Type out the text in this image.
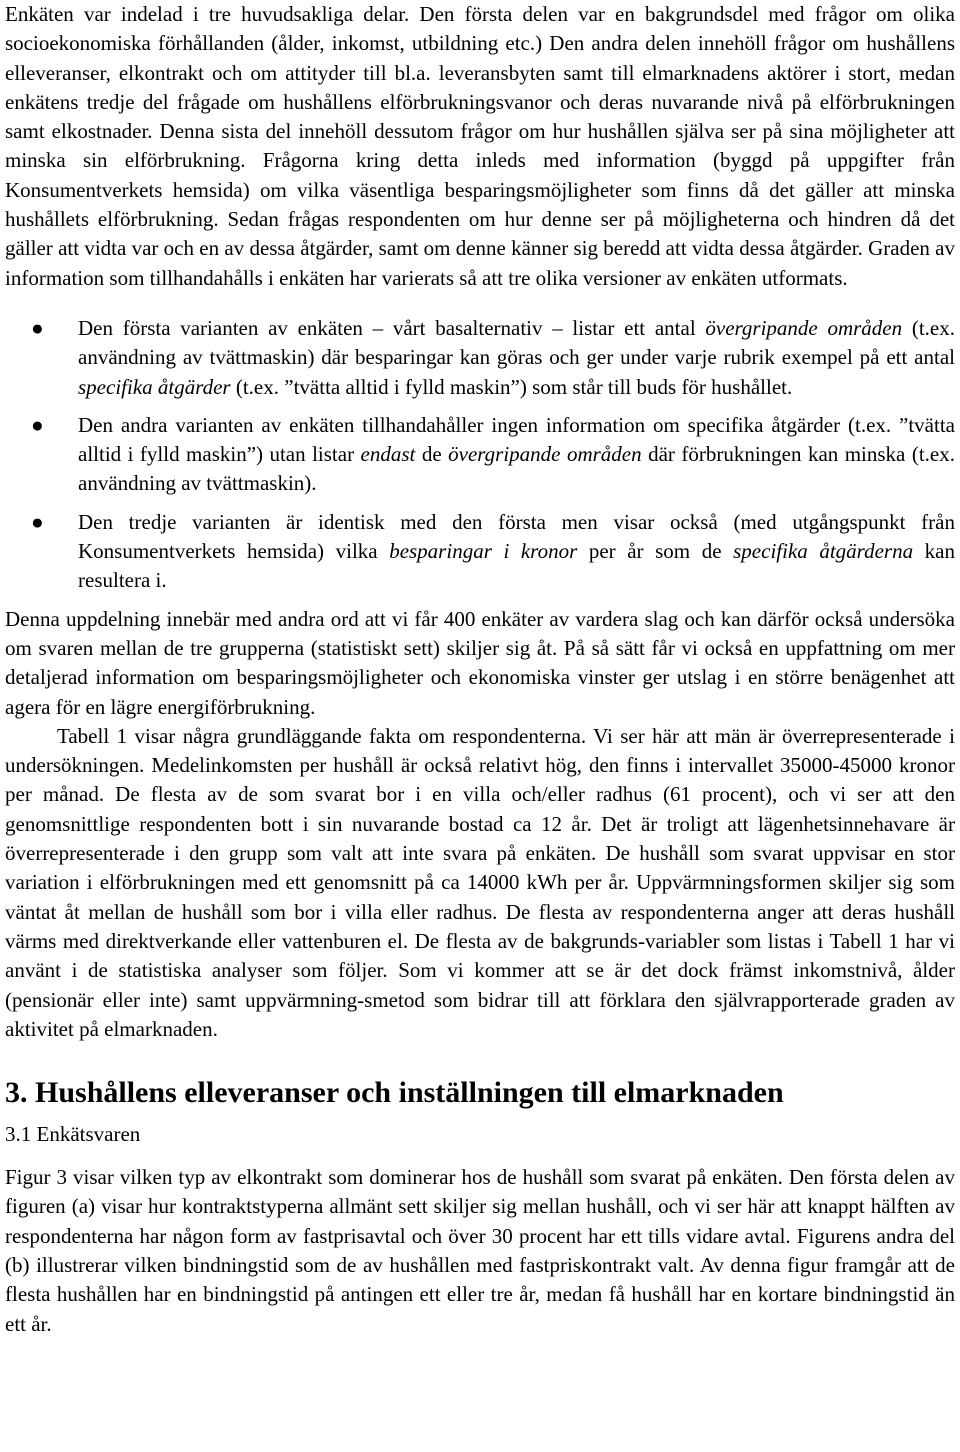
Enkäten var indelad i tre huvudsakliga delar. Den första delen var en bakgrundsdel med frågor om olika socioekonomiska förhållanden (ålder, inkomst, utbildning etc.) Den andra delen innehöll frågor om hushållens elleveranser, elkontrakt och om attityder till bl.a. leveransbyten samt till elmarknadens aktörer i stort, medan enkätens tredje del frågade om hushållens elförbrukningsvanor och deras nuvarande nivå på elförbrukningen samt elkostnader. Denna sista del innehöll dessutom frågor om hur hushållen själva ser på sina möjligheter att minska sin elförbrukning. Frågorna kring detta inleds med information (byggd på uppgifter från Konsumentverkets hemsida) om vilka väsentliga besparingsmöjligheter som finns då det gäller att minska hushållets elförbrukning. Sedan frågas respondenten om hur denne ser på möjligheterna och hindren då det gäller att vidta var och en av dessa åtgärder, samt om denne känner sig beredd att vidta dessa åtgärder. Graden av information som tillhandahålls i enkäten har varierats så att tre olika versioner av enkäten utformats.

● Den första varianten av enkäten – vårt basalternativ – listar ett antal övergripande områden (t.ex. användning av tvättmaskin) där besparingar kan göras och ger under varje rubrik exempel på ett antal specifika åtgärder (t.ex. ”tvätta alltid i fylld maskin”) som står till buds för hushållet.
● Den andra varianten av enkäten tillhandahåller ingen information om specifika åtgärder (t.ex. ”tvätta alltid i fylld maskin”) utan listar endast de övergripande områden där förbrukningen kan minska (t.ex. användning av tvättmaskin).
● Den tredje varianten är identisk med den första men visar också (med utgångspunkt från Konsumentverkets hemsida) vilka besparingar i kronor per år som de specifika åtgärderna kan resultera i.

Denna uppdelning innebär med andra ord att vi får 400 enkäter av vardera slag och kan därför också undersöka om svaren mellan de tre grupperna (statistiskt sett) skiljer sig åt. På så sätt får vi också en uppfattning om mer detaljerad information om besparingsmöjligheter och ekonomiska vinster ger utslag i en större benägenhet att agera för en lägre energiförbrukning.

Tabell 1 visar några grundläggande fakta om respondenterna. Vi ser här att män är överrepresenterade i undersökningen. Medelinkomsten per hushåll är också relativt hög, den finns i intervallet 35000-45000 kronor per månad. De flesta av de som svarat bor i en villa och/eller radhus (61 procent), och vi ser att den genomsnittlige respondenten bott i sin nuvarande bostad ca 12 år. Det är troligt att lägenhetsinnehavare är överrepresenterade i den grupp som valt att inte svara på enkäten. De hushåll som svarat uppvisar en stor variation i elförbrukningen med ett genomsnitt på ca 14000 kWh per år. Uppvärmningsformen skiljer sig som väntat åt mellan de hushåll som bor i villa eller radhus. De flesta av respondenterna anger att deras hushåll värms med direktverkande eller vattenburen el. De flesta av de bakgrunds-variabler som listas i Tabell 1 har vi använt i de statistiska analyser som följer. Som vi kommer att se är det dock främst inkomstnivå, ålder (pensionär eller inte) samt uppvärmning-smetod som bidrar till att förklara den självrapporterade graden av aktivitet på elmarknaden.

3. Hushållens elleveranser och inställningen till elmarknaden
3.1 Enkätsvaren

Figur 3 visar vilken typ av elkontrakt som dominerar hos de hushåll som svarat på enkäten. Den första delen av figuren (a) visar hur kontraktstyperna allmänt sett skiljer sig mellan hushåll, och vi ser här att knappt hälften av respondenterna har någon form av fastprisavtal och över 30 procent har ett tills vidare avtal. Figurens andra del (b) illustrerar vilken bindningstid som de av hushållen med fastpriskontrakt valt. Av denna figur framgår att de flesta hushållen har en bindningstid på antingen ett eller tre år, medan få hushåll har en kortare bindningstid än ett år.
